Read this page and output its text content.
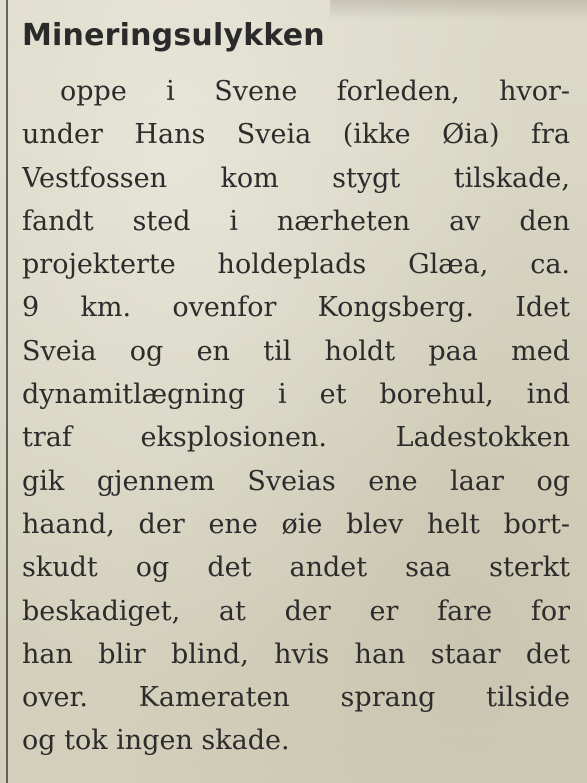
Mineringsulykken
oppe i Svene forleden, hvor-
under Hans Sveia (ikke Øia) fra
Vestfossen kom stygt tilskade,
fandt sted i nærheten av den
projekterte holdeplads Glæa, ca.
9 km. ovenfor Kongsberg. Idet
Sveia og en til holdt paa med
dynamitlægning i et borehul, ind
traf eksplosionen. Ladestokken
gik gjennem Sveias ene laar og
haand, der ene øie blev helt bort-
skudt og det andet saa sterkt
beskadiget, at der er fare for
han blir blind, hvis han staar det
over. Kameraten sprang tilside
og tok ingen skade.
